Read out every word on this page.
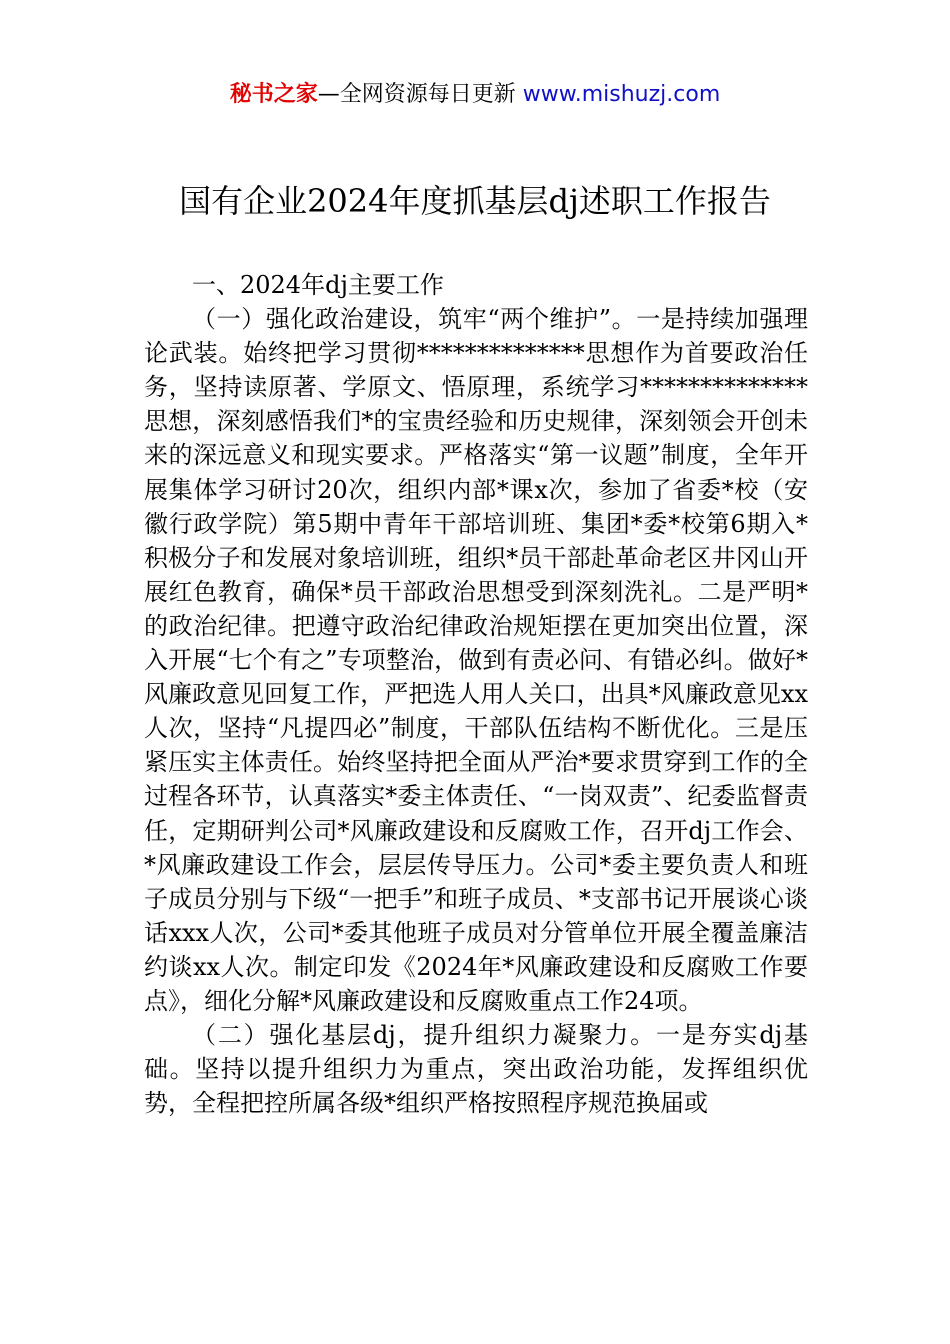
秘书之家—全网资源每日更新 www.mishuzj.com
国有企业2024年度抓基层dj述职工作报告

一、2024年dj主要工作

（一）强化政治建设，筑牢“两个维护”。一是持续加强理论武装。始终把学习贯彻**************思想作为首要政治任务，坚持读原著、学原文、悟原理，系统学习**************思想，深刻感悟我们*的宝贵经验和历史规律，深刻领会开创未来的深远意义和现实要求。严格落实“第一议题”制度，全年开展集体学习研讨20次，组织内部*课x次，参加了省委*校（安徽行政学院）第5期中青年干部培训班、集团*委*校第6期入*积极分子和发展对象培训班，组织*员干部赴革命老区井冈山开展红色教育，确保*员干部政治思想受到深刻洗礼。二是严明*的政治纪律。把遵守政治纪律政治规矩摆在更加突出位置，深入开展“七个有之”专项整治，做到有责必问、有错必纠。做好*风廉政意见回复工作，严把选人用人关口，出具*风廉政意见xx人次，坚持“凡提四必”制度，干部队伍结构不断优化。三是压紧压实主体责任。始终坚持把全面从严治*要求贯穿到工作的全过程各环节，认真落实*委主体责任、“一岗双责”、纪委监督责任，定期研判公司*风廉政建设和反腐败工作，召开dj工作会、*风廉政建设工作会，层层传导压力。公司*委主要负责人和班子成员分别与下级“一把手”和班子成员、*支部书记开展谈心谈话xxx人次，公司*委其他班子成员对分管单位开展全覆盖廉洁约谈xx人次。制定印发《2024年*风廉政建设和反腐败工作要点》，细化分解*风廉政建设和反腐败重点工作24项。

（二）强化基层dj，提升组织力凝聚力。一是夯实dj基础。坚持以提升组织力为重点，突出政治功能，发挥组织优势，全程把控所属各级*组织严格按照程序规范换届或
